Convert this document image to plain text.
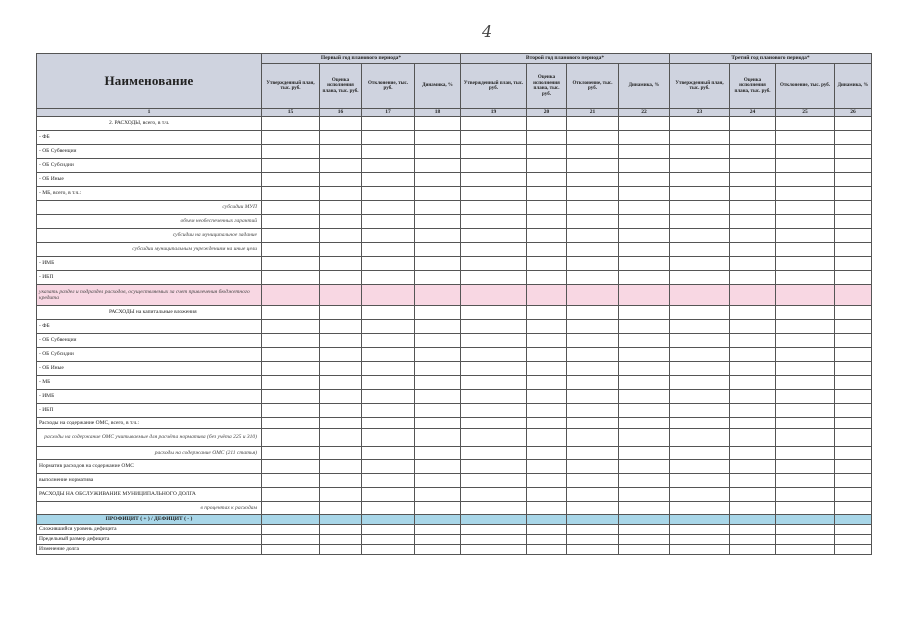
4
Наименование	Первый год планового периода*				Второй год планового периода*				Третий год планового периода*			
	Утвержденный план, тыс. руб.	Оценка исполнения плана, тыс. руб.	Отклонение, тыс. руб.	Динамика, %	Утвержденный план, тыс. руб.	Оценка исполнения плана, тыс. руб.	Отклонение, тыс. руб.	Динамика, %	Утвержденный план, тыс. руб.	Оценка исполнения плана, тыс. руб.	Отклонение, тыс. руб.	Динамика, %
1	15	16	17	18	19	20	21	22	23	24	25	26
2. РАСХОДЫ, всего, в т.ч.												
- ФБ												
- ОБ Субвенции												
- ОБ Субсидии												
- ОБ Иные												
- МБ, всего, в т.ч.:												
субсидии МУП												
объем необеспеченных гарантий												
субсидии на муниципальное задание												
субсидии муниципальным учреждениям на иные цели												
- ИМБ												
- ИБП												
указать раздел и подраздел расходов, осуществляемых за счет привлечения бюджетного кредита												
РАСХОДЫ на капитальные вложения												
- ФБ												
- ОБ Субвенции												
- ОБ Субсидии												
- ОБ Иные												
- МБ												
- ИМБ												
- ИБП												
Расходы на содержание ОМС, всего, в т.ч.:												
расходы на содержание ОМС учитываемые для расчёта норматива (без учёта 225 и 310)												
расходы на содержание ОМС (211 статья)												
Норматив расходов на содержание ОМС												
выполнение норматива												
РАСХОДЫ НА ОБСЛУЖИВАНИЕ МУНИЦИПАЛЬНОГО ДОЛГА												
в процентах к расходам												
ПРОФИЦИТ ( + ) / ДЕФИЦИТ ( - )												
Сложившийся уровень дефицита												
Предельный размер дефицита												
Изменение долга												
